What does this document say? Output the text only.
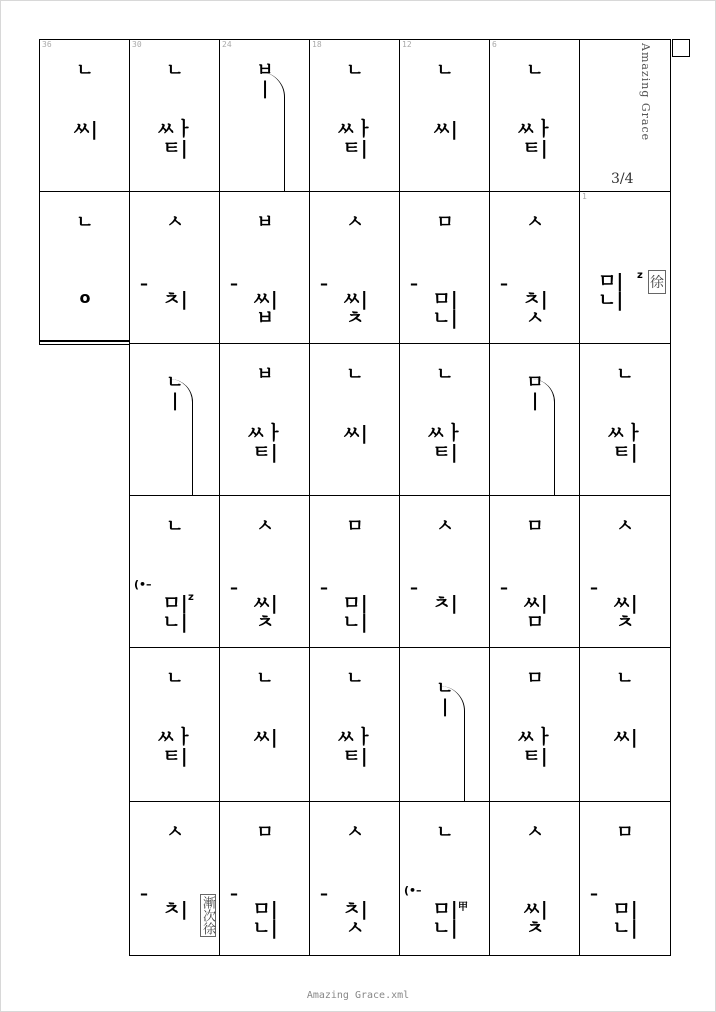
36
ㄴ
ㅆ|
30
ㄴ
ㅆㅏ
ㅌ|
24
ㅂ
|
18
ㄴ
ㅆㅏ
ㅌ|
12
ㄴ
ㅆ|
6
ㄴ
ㅆㅏ
ㅌ|
Amazing Grace
3/4
ㄴ
o
ㅅ
–
ㅊ|
ㅂ
–
ㅆ|
ㅂ
ㅅ
–
ㅆ|
ㅊ
ㅁ
–
ㅁ|
ㄴ|
ㅅ
–
ㅊ|
ㅅ
1
ㅁ|
ㄴ|
z 徐
ㄴ
|
ㅂ
ㅆㅏ
ㅌ|
ㄴ
ㅆ|
ㄴ
ㅆㅏ
ㅌ|
ㅁ
|
ㄴ
ㅆㅏ
ㅌ|
ㄴ
(•–
ㅁ|
ㄴ|
z
ㅅ
–
ㅆ|
ㅊ
ㅁ
–
ㅁ|
ㄴ|
ㅅ
–
ㅊ|
ㅁ
–
ㅆ|
ㅁ
ㅅ
–
ㅆ|
ㅊ
ㄴ
ㅆㅏ
ㅌ|
ㄴ
ㅆ|
ㄴ
ㅆㅏ
ㅌ|
ㄴ
|
ㅁ
ㅆㅏ
ㅌ|
ㄴ
ㅆ|
ㅅ
–
ㅊ| 漸次徐
ㅁ
–
ㅁ|
ㄴ|
ㅅ
–
ㅊ|
ㅅ
ㄴ
(•–
ㅁ|
ㄴ|
甲
ㅅ
ㅆ|
ㅊ
ㅁ
–
ㅁ|
ㄴ|
Amazing Grace.xml
